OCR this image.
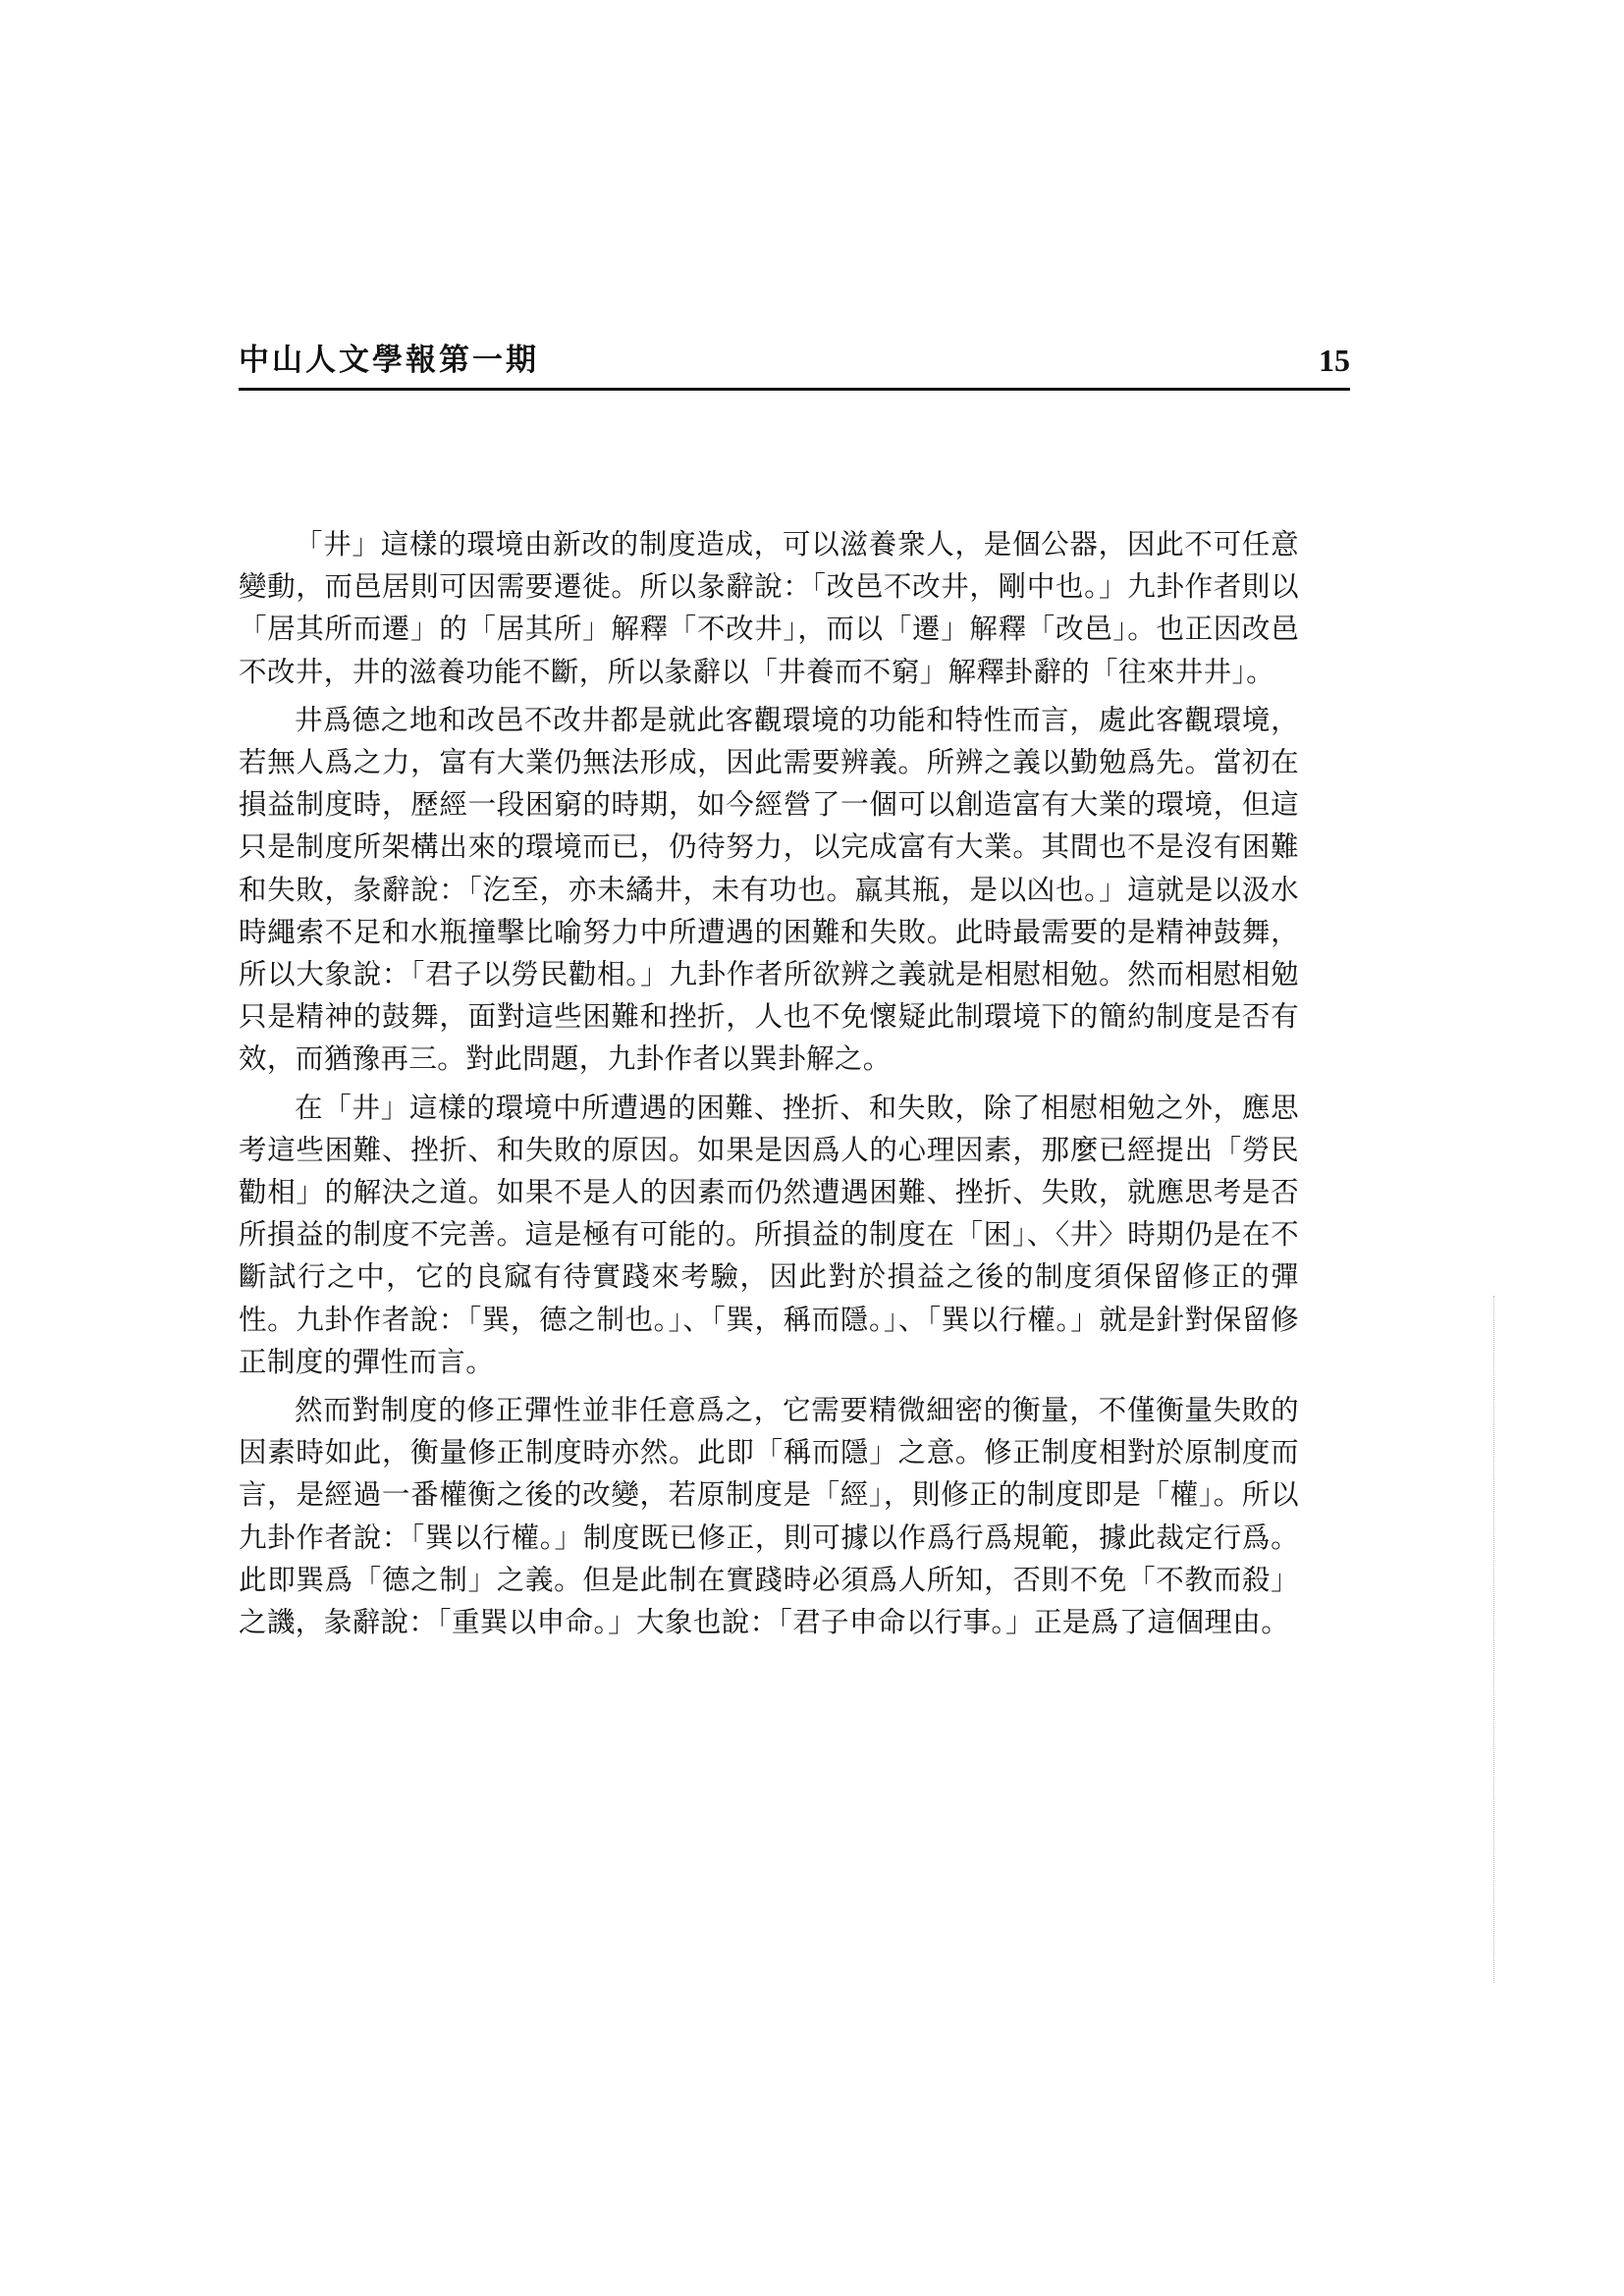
中山人文學報第一期	15

「井」這樣的環境由新改的制度造成，可以滋養衆人，是個公器，因此不可任意變動，而邑居則可因需要遷徙。所以彖辭說：「改邑不改井，剛中也。」九卦作者則以「居其所而遷」的「居其所」解釋「不改井」，而以「遷」解釋「改邑」。也正因改邑不改井，井的滋養功能不斷，所以彖辭以「井養而不窮」解釋卦辭的「往來井井」。

井爲德之地和改邑不改井都是就此客觀環境的功能和特性而言，處此客觀環境，若無人爲之力，富有大業仍無法形成，因此需要辨義。所辨之義以勤勉爲先。當初在損益制度時，歷經一段困窮的時期，如今經營了一個可以創造富有大業的環境，但這只是制度所架構出來的環境而已，仍待努力，以完成富有大業。其間也不是沒有困難和失敗，彖辭說：「汔至，亦未繘井，未有功也。羸其瓶，是以凶也。」這就是以汲水時繩索不足和水瓶撞擊比喻努力中所遭遇的困難和失敗。此時最需要的是精神鼓舞，所以大象說：「君子以勞民勸相。」九卦作者所欲辨之義就是相慰相勉。然而相慰相勉只是精神的鼓舞，面對這些困難和挫折，人也不免懷疑此制環境下的簡約制度是否有效，而猶豫再三。對此問題，九卦作者以巽卦解之。

在「井」這樣的環境中所遭遇的困難、挫折、和失敗，除了相慰相勉之外，應思考這些困難、挫折、和失敗的原因。如果是因爲人的心理因素，那麼已經提出「勞民勸相」的解決之道。如果不是人的因素而仍然遭遇困難、挫折、失敗，就應思考是否所損益的制度不完善。這是極有可能的。所損益的制度在「困」、〈井〉時期仍是在不斷試行之中，它的良窳有待實踐來考驗，因此對於損益之後的制度須保留修正的彈性。九卦作者說：「巽，德之制也。」、「巽，稱而隱。」、「巽以行權。」就是針對保留修正制度的彈性而言。

然而對制度的修正彈性並非任意爲之，它需要精微細密的衡量，不僅衡量失敗的因素時如此，衡量修正制度時亦然。此即「稱而隱」之意。修正制度相對於原制度而言，是經過一番權衡之後的改變，若原制度是「經」，則修正的制度即是「權」。所以九卦作者說：「巽以行權。」制度既已修正，則可據以作爲行爲規範，據此裁定行爲。此即巽爲「德之制」之義。但是此制在實踐時必須爲人所知，否則不免「不教而殺」之譏，彖辭說：「重巽以申命。」大象也說：「君子申命以行事。」正是爲了這個理由。
